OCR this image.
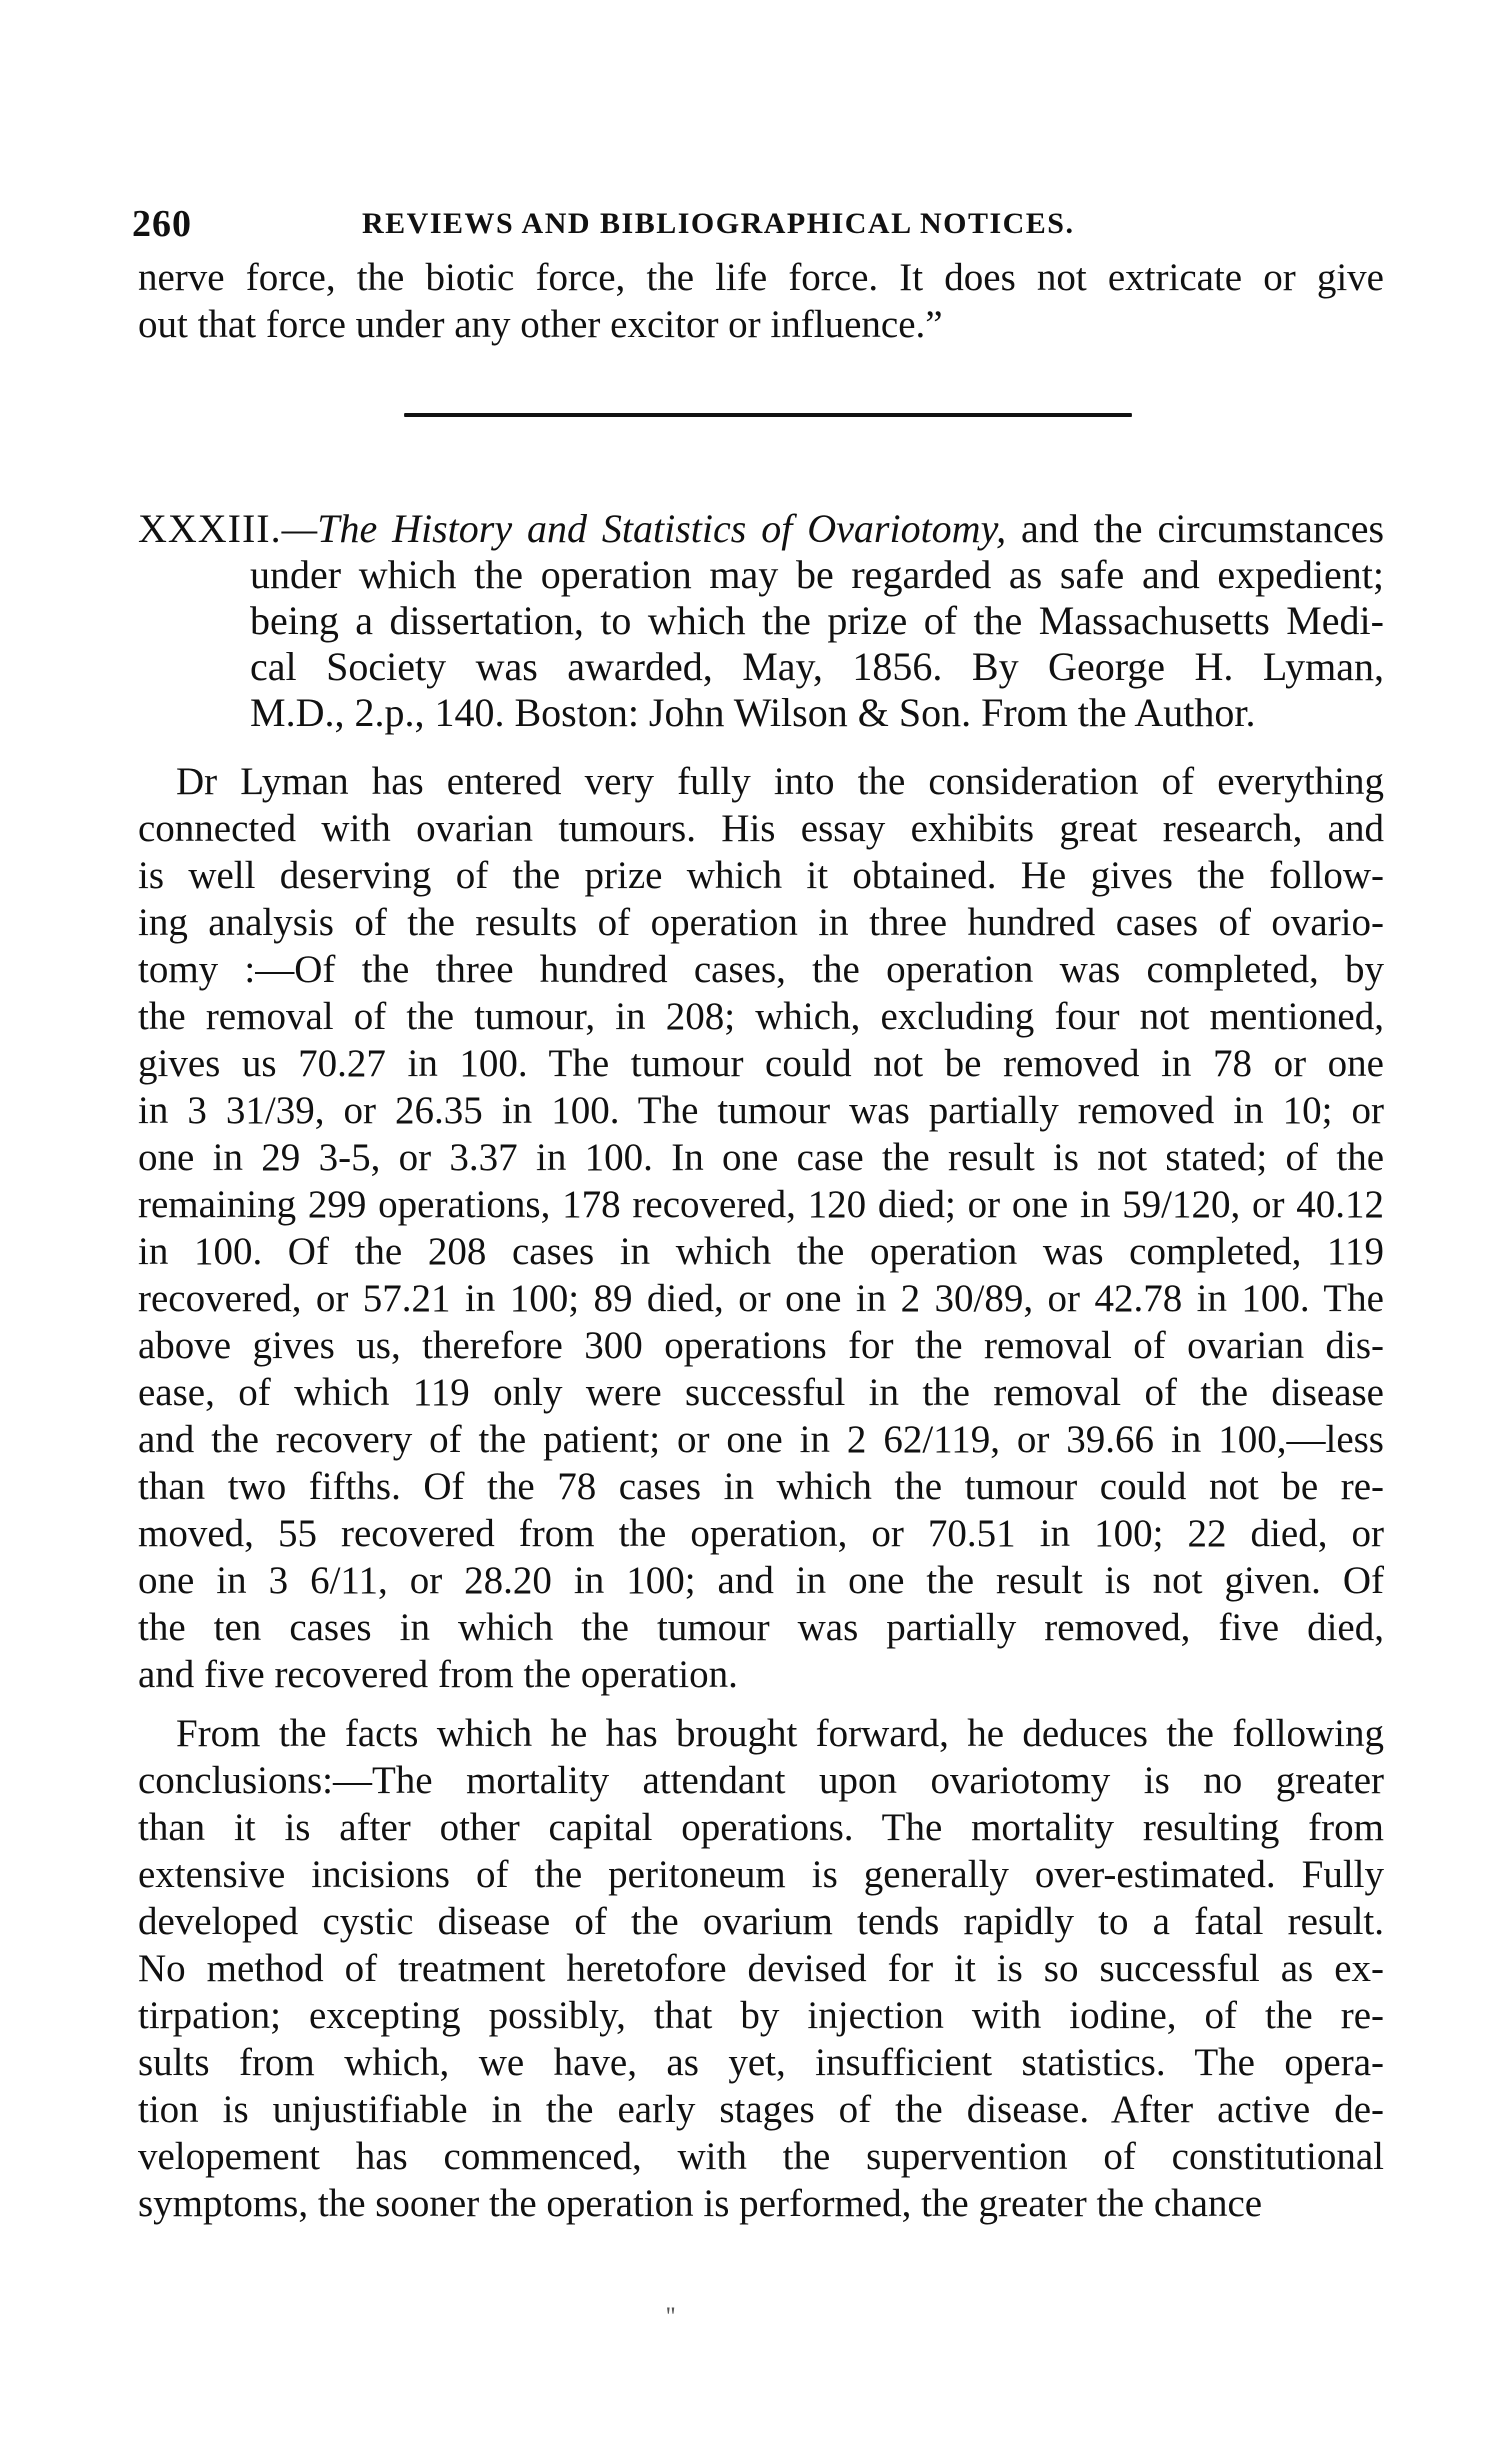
260	REVIEWS AND BIBLIOGRAPHICAL NOTICES.
nerve force, the biotic force, the life force. It does not extricate or give
out that force under any other excitor or influence.”
XXXIII.—The History and Statistics of Ovariotomy, and the circumstances
under which the operation may be regarded as safe and expedient;
being a dissertation, to which the prize of the Massachusetts Medi-
cal Society was awarded, May, 1856. By George H. Lyman,
M.D., 2.p., 140. Boston: John Wilson & Son. From the Author.
Dr Lyman has entered very fully into the consideration of everything
connected with ovarian tumours. His essay exhibits great research, and
is well deserving of the prize which it obtained. He gives the follow-
ing analysis of the results of operation in three hundred cases of ovario-
tomy :—Of the three hundred cases, the operation was completed, by
the removal of the tumour, in 208; which, excluding four not mentioned,
gives us 70.27 in 100. The tumour could not be removed in 78 or one
in 3 31/39, or 26.35 in 100. The tumour was partially removed in 10; or
one in 29 3-5, or 3.37 in 100. In one case the result is not stated; of the
remaining 299 operations, 178 recovered, 120 died; or one in 59/120, or 40.12
in 100. Of the 208 cases in which the operation was completed, 119
recovered, or 57.21 in 100; 89 died, or one in 2 30/89, or 42.78 in 100. The
above gives us, therefore 300 operations for the removal of ovarian dis-
ease, of which 119 only were successful in the removal of the disease
and the recovery of the patient; or one in 2 62/119, or 39.66 in 100,—less
than two fifths. Of the 78 cases in which the tumour could not be re-
moved, 55 recovered from the operation, or 70.51 in 100; 22 died, or
one in 3 6/11, or 28.20 in 100; and in one the result is not given. Of
the ten cases in which the tumour was partially removed, five died,
and five recovered from the operation.
From the facts which he has brought forward, he deduces the following
conclusions:—The mortality attendant upon ovariotomy is no greater
than it is after other capital operations. The mortality resulting from
extensive incisions of the peritoneum is generally over-estimated. Fully
developed cystic disease of the ovarium tends rapidly to a fatal result.
No method of treatment heretofore devised for it is so successful as ex-
tirpation; excepting possibly, that by injection with iodine, of the re-
sults from which, we have, as yet, insufficient statistics. The opera-
tion is unjustifiable in the early stages of the disease. After active de-
velopement has commenced, with the supervention of constitutional
symptoms, the sooner the operation is performed, the greater the chance
''
